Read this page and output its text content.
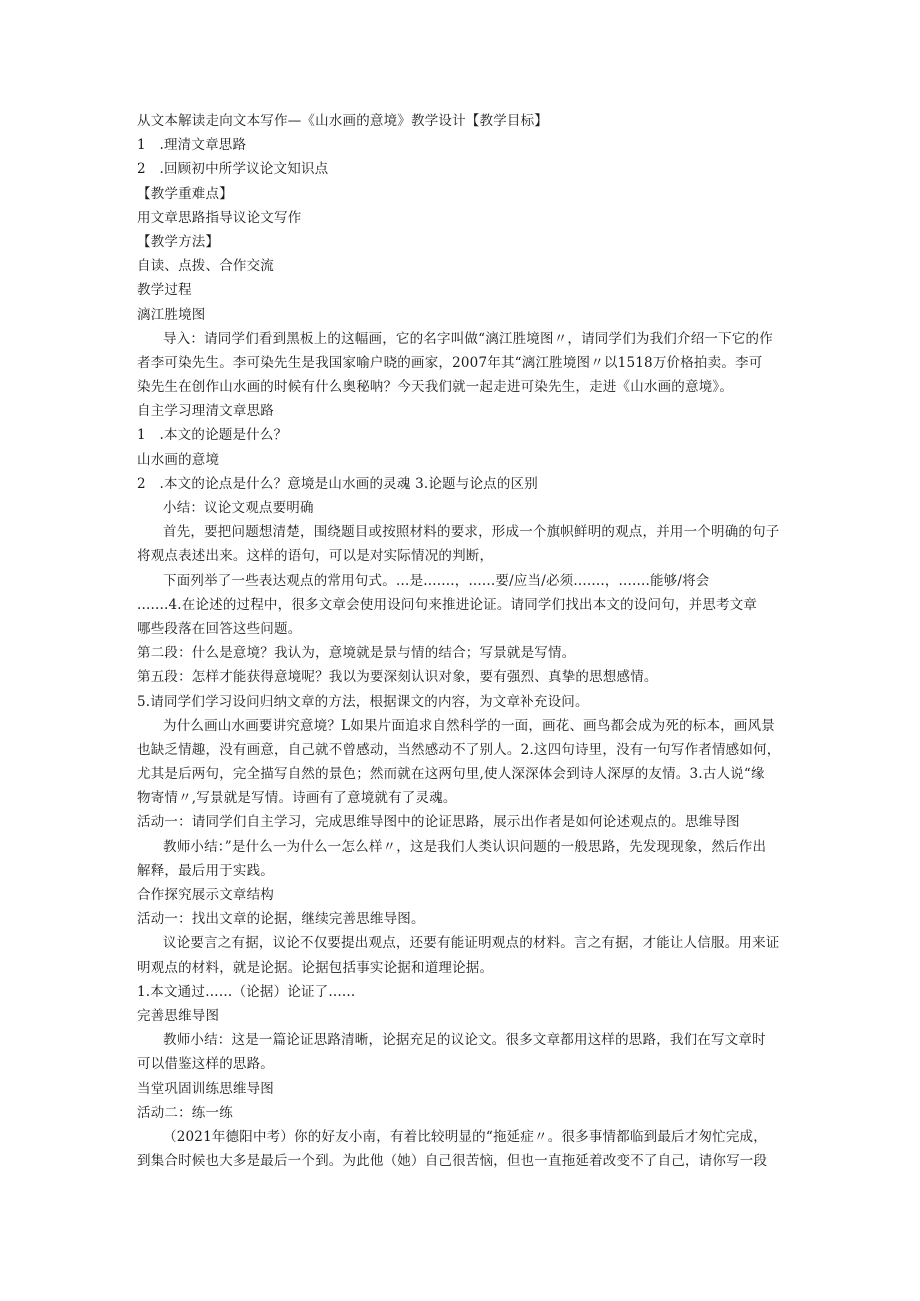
从文本解读走向文本写作—《山水画的意境》教学设计【教学目标】
1　.理清文章思路
2　.回顾初中所学议论文知识点
【教学重难点】
用文章思路指导议论文写作
【教学方法】
自读、点拨、合作交流
教学过程
漓江胜境图
导入：请同学们看到黑板上的这幅画，它的名字叫做“漓江胜境图〃，请同学们为我们介绍一下它的作
者李可染先生。李可染先生是我国家喻户晓的画家，2007年其“漓江胜境图〃以1518万价格拍卖。李可
染先生在创作山水画的时候有什么奥秘呐？今天我们就一起走进可染先生，走进《山水画的意境》。
自主学习理清文章思路
1　.本文的论题是什么？
山水画的意境
2　.本文的论点是什么？意境是山水画的灵魂 3.论题与论点的区别
小结：议论文观点要明确
首先，要把问题想清楚，围绕题目或按照材料的要求，形成一个旗帜鲜明的观点，并用一个明确的句子
将观点表述出来。这样的语句，可以是对实际情况的判断，
下面列举了一些表达观点的常用句式。…是.......，......要/应当/必须.......，.......能够/将会
.......4.在论述的过程中，很多文章会使用设问句来推进论证。请同学们找出本文的设问句，并思考文章
哪些段落在回答这些问题。
第二段：什么是意境？我认为，意境就是景与情的结合；写景就是写情。
第五段：怎样才能获得意境呢？我以为要深刻认识对象，要有强烈、真挚的思想感情。
5.请同学们学习设问归纳文章的方法，根据课文的内容，为文章补充设问。
为什么画山水画要讲究意境？L如果片面追求自然科学的一面，画花、画鸟都会成为死的标本，画风景
也缺乏情趣，没有画意，自己就不曾感动，当然感动不了别人。2.这四句诗里，没有一句写作者情感如何，
尤其是后两句，完全描写自然的景色；然而就在这两句里,使人深深体会到诗人深厚的友情。3.古人说“缘
物寄情〃,写景就是写情。诗画有了意境就有了灵魂。
活动一：请同学们自主学习，完成思维导图中的论证思路，展示出作者是如何论述观点的。思维导图
教师小结：”是什么一为什么一怎么样〃，这是我们人类认识问题的一般思路，先发现现象，然后作出
解释，最后用于实践。
合作探究展示文章结构
活动一：找出文章的论据，继续完善思维导图。
议论要言之有据，议论不仅要提出观点，还要有能证明观点的材料。言之有据，才能让人信服。用来证
明观点的材料，就是论据。论据包括事实论据和道理论据。
1.本文通过……（论据）论证了......
完善思维导图
教师小结：这是一篇论证思路清晰，论据充足的议论文。很多文章都用这样的思路，我们在写文章时
可以借鉴这样的思路。
当堂巩固训练思维导图
活动二：练一练
（2021年德阳中考）你的好友小南，有着比较明显的“拖延症〃。很多事情都临到最后才匆忙完成，
到集合时候也大多是最后一个到。为此他（她）自己很苦恼，但也一直拖延着改变不了自己，请你写一段
